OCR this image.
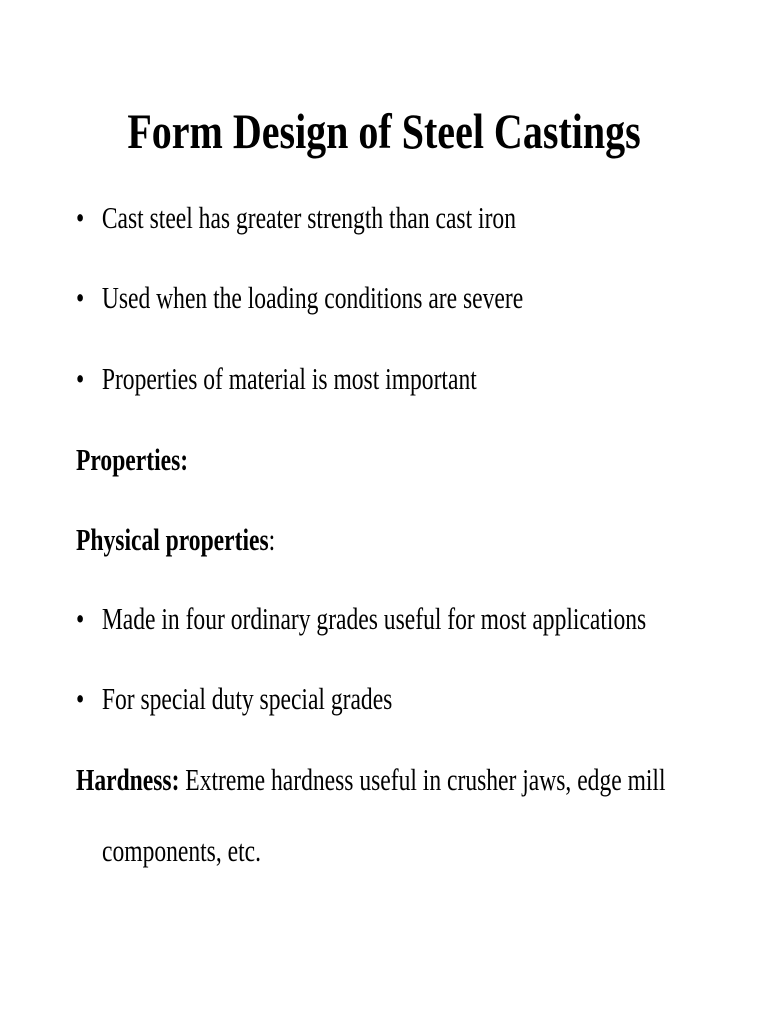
Form Design of Steel Castings
• Cast steel has greater strength than cast iron
• Used when the loading conditions are severe
• Properties of material is most important
Properties:
Physical properties:
• Made in four ordinary grades useful for most applications
• For special duty special grades
Hardness: Extreme hardness useful in crusher jaws, edge mill
components, etc.
